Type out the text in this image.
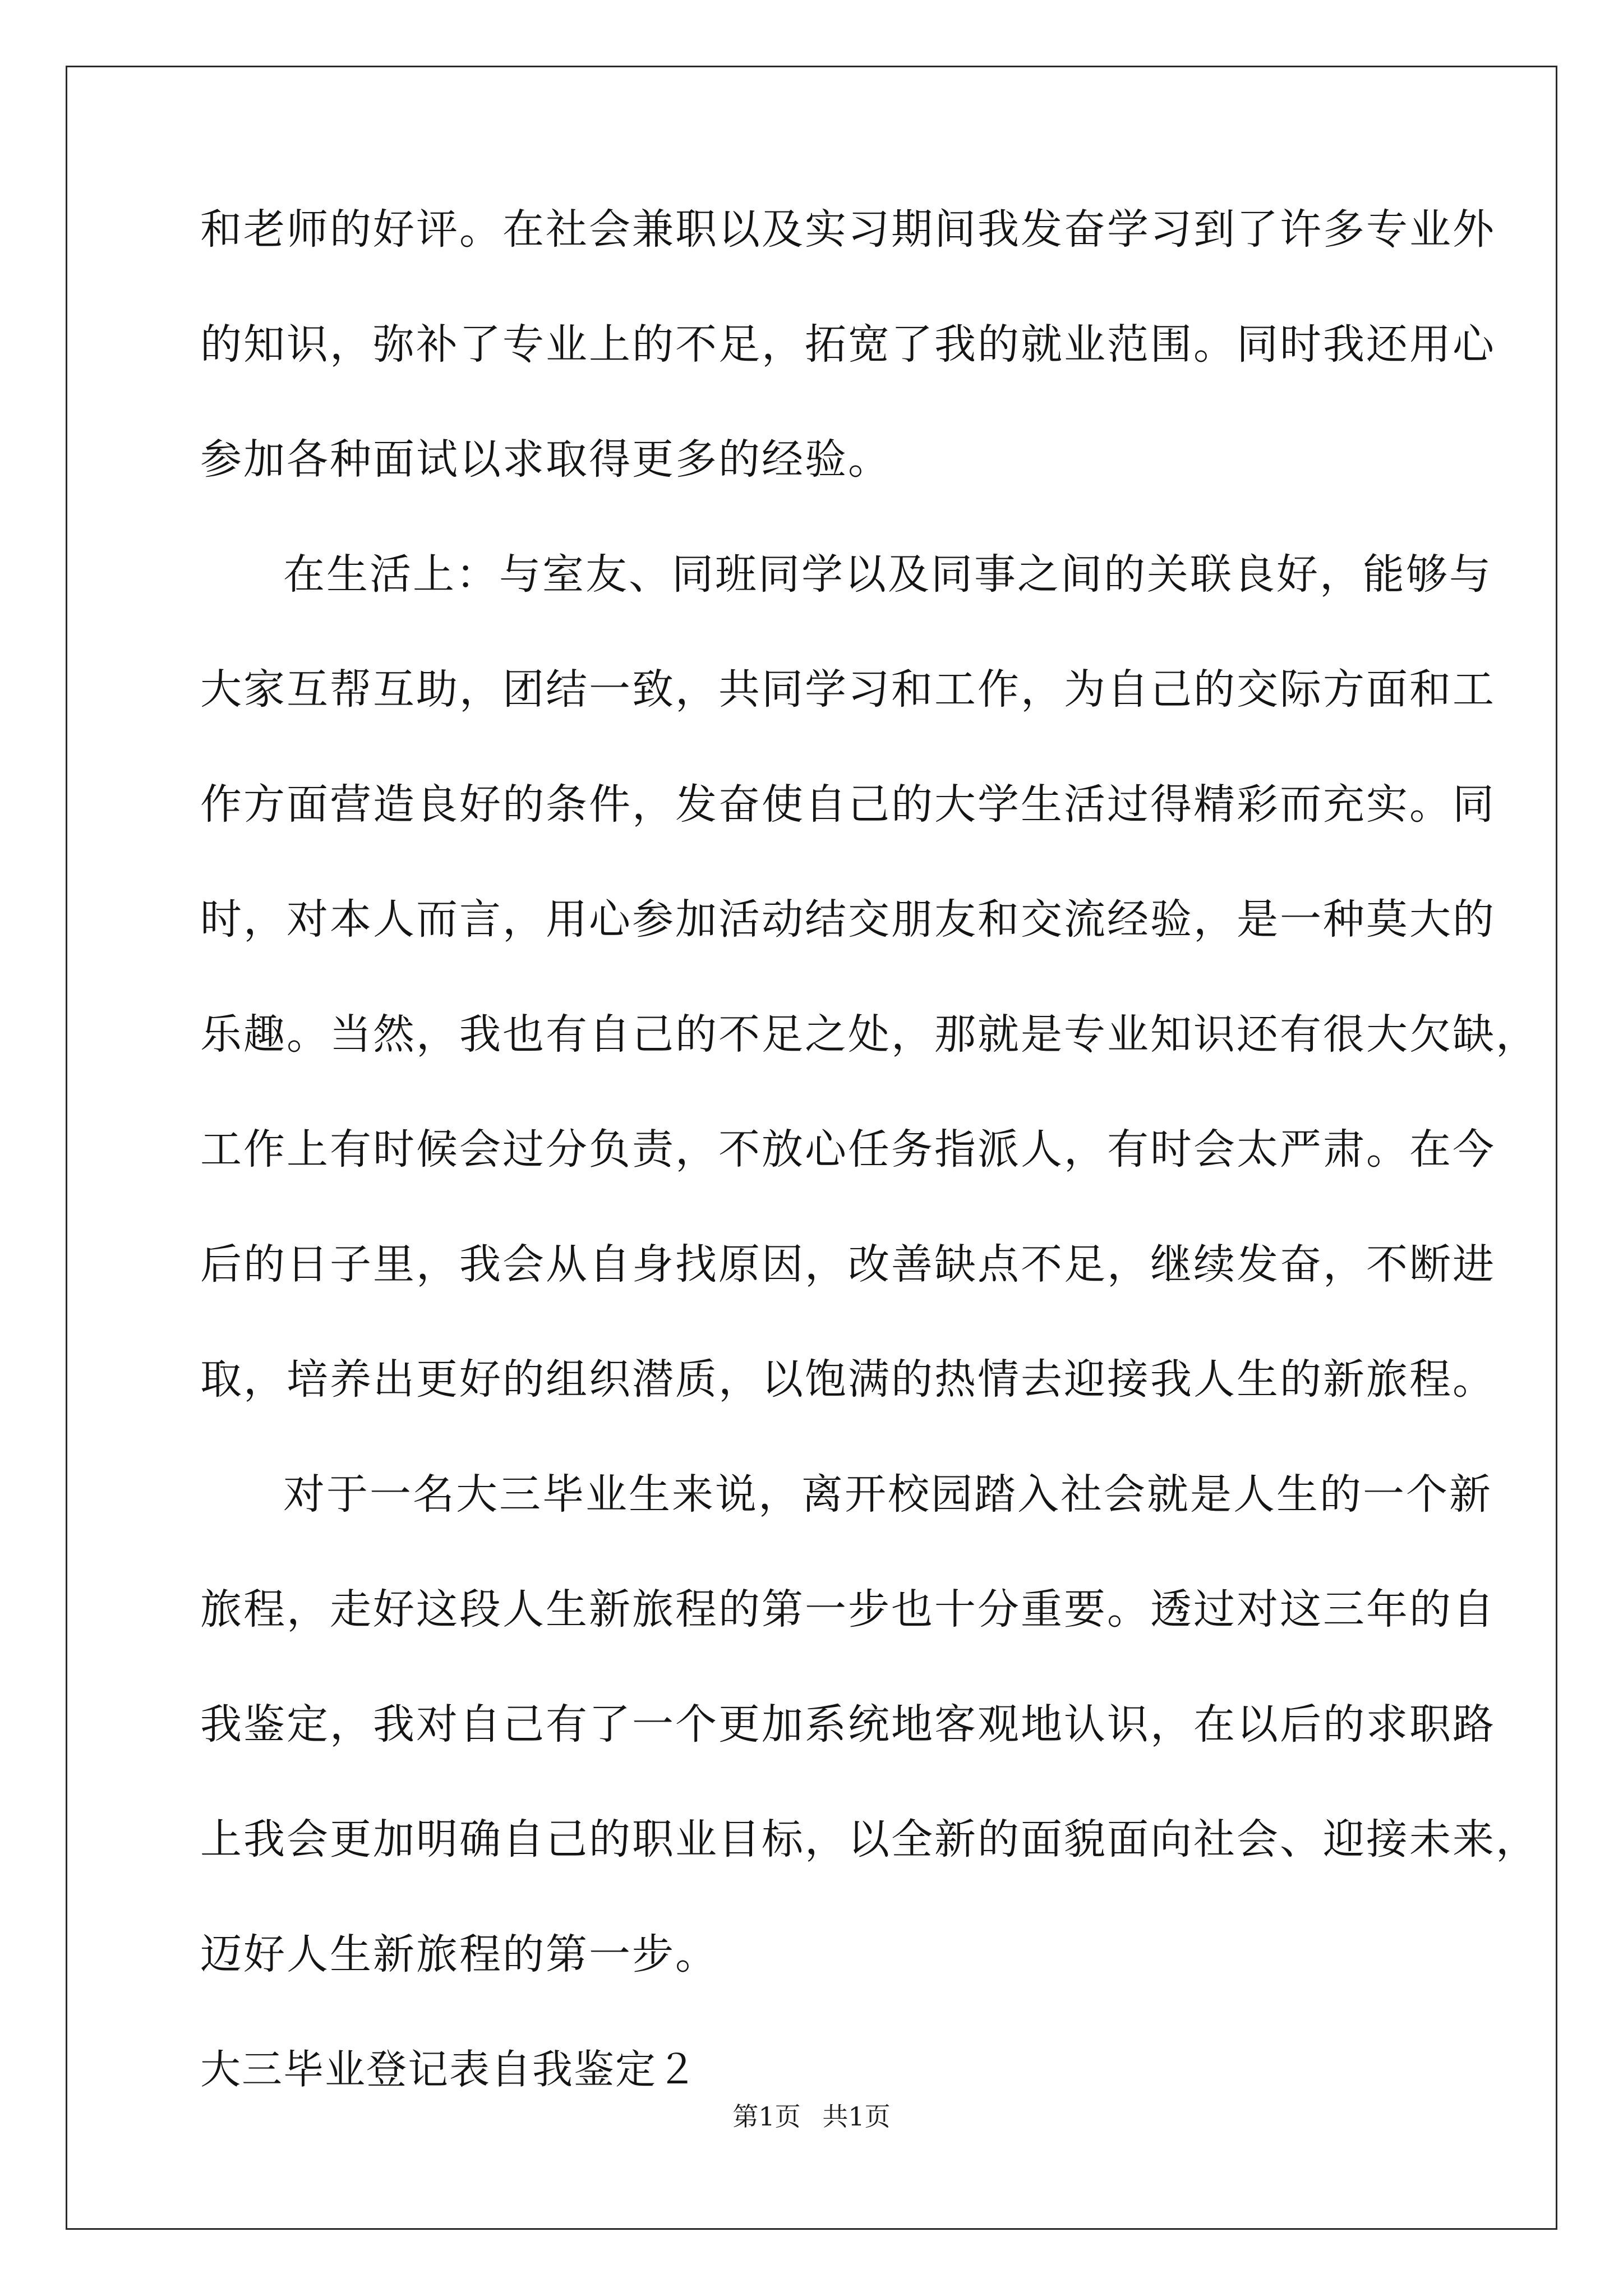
和老师的好评。在社会兼职以及实习期间我发奋学习到了许多专业外

的知识，弥补了专业上的不足，拓宽了我的就业范围。同时我还用心

参加各种面试以求取得更多的经验。

在生活上：与室友、同班同学以及同事之间的关联良好，能够与

大家互帮互助，团结一致，共同学习和工作，为自己的交际方面和工

作方面营造良好的条件，发奋使自己的大学生活过得精彩而充实。同

时，对本人而言，用心参加活动结交朋友和交流经验，是一种莫大的

乐趣。当然，我也有自己的不足之处，那就是专业知识还有很大欠缺，

工作上有时候会过分负责，不放心任务指派人，有时会太严肃。在今

后的日子里，我会从自身找原因，改善缺点不足，继续发奋，不断进

取，培养出更好的组织潜质，以饱满的热情去迎接我人生的新旅程。

对于一名大三毕业生来说，离开校园踏入社会就是人生的一个新

旅程，走好这段人生新旅程的第一步也十分重要。透过对这三年的自

我鉴定，我对自己有了一个更加系统地客观地认识，在以后的求职路

上我会更加明确自己的职业目标，以全新的面貌面向社会、迎接未来，

迈好人生新旅程的第一步。

大三毕业登记表自我鉴定２

第1页 共1页
